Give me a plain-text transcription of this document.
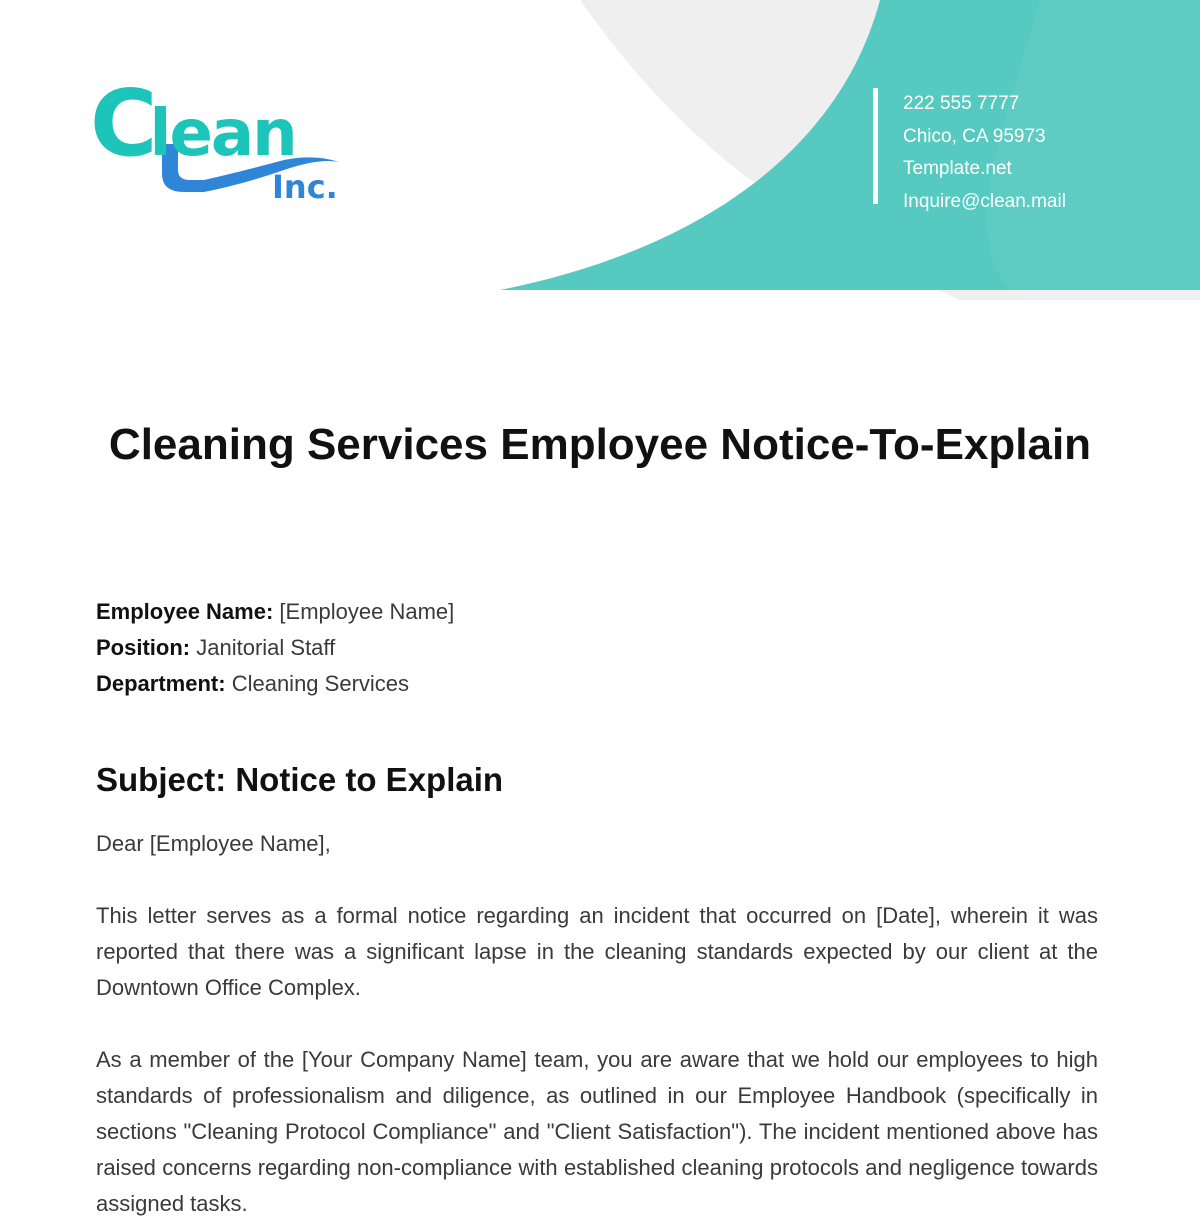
Clean
Inc.
222 555 7777
Chico, CA 95973
Template.net
Inquire@clean.mail
Cleaning Services Employee Notice-To-Explain
Employee Name: [Employee Name]
Position: Janitorial Staff
Department: Cleaning Services
Subject: Notice to Explain
Dear [Employee Name],

This letter serves as a formal notice regarding an incident that occurred on [Date], wherein it was reported that there was a significant lapse in the cleaning standards expected by our client at the Downtown Office Complex.

As a member of the [Your Company Name] team, you are aware that we hold our employees to high standards of professionalism and diligence, as outlined in our Employee Handbook (specifically in sections "Cleaning Protocol Compliance" and "Client Satisfaction"). The incident mentioned above has raised concerns regarding non-compliance with established cleaning protocols and negligence towards assigned tasks.
